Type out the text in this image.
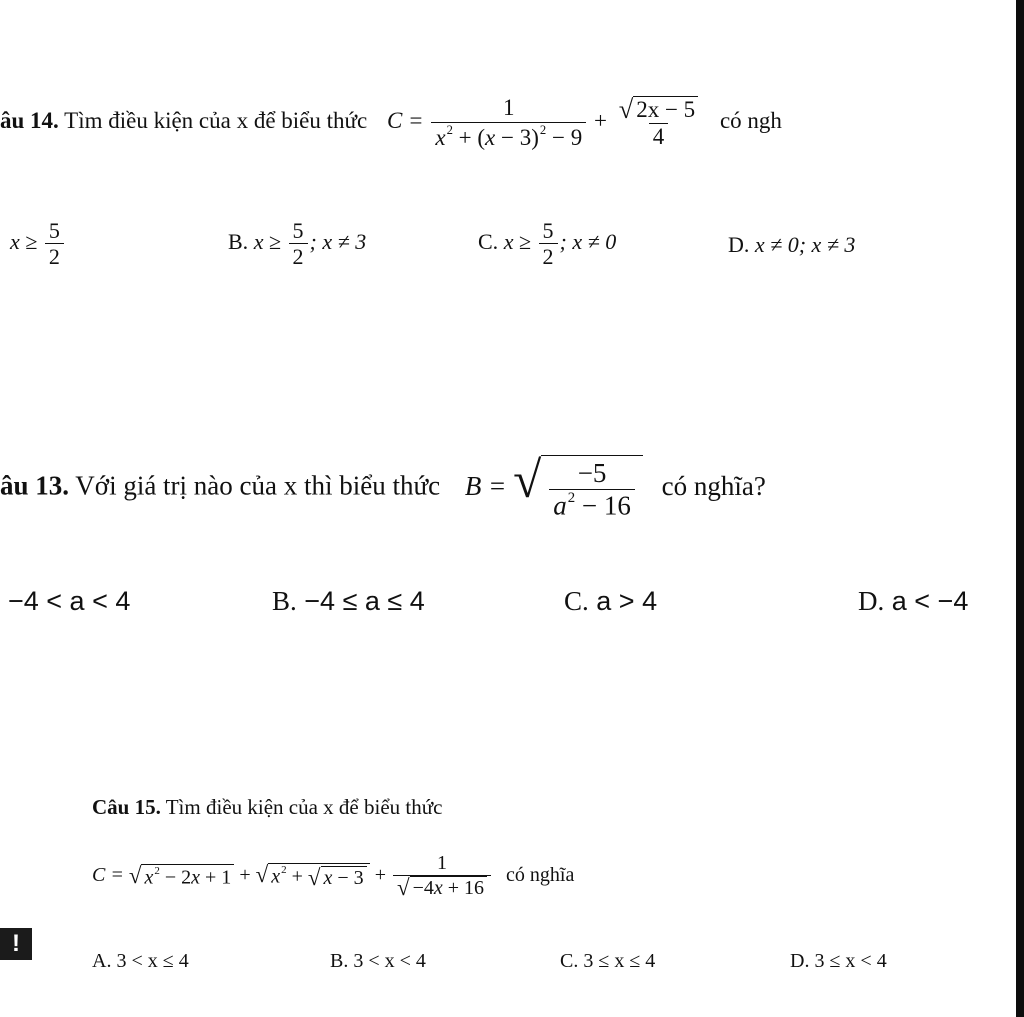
âu 14. Tìm điều kiện của x để biểu thức $C = \frac{1}{x^2 + (x - 3)^2 - 9} + \frac{√ 2x - 5}{4}$ có ngh
$x \ge \frac{5}{2}$	B. $x \ge \frac{5}{2}$ ; x ≠ 3	C. $x \ge \frac{5}{2}$ ; x ≠ 0	D. x ≠ 0; x ≠ 3
âu 13. Với giá trị nào của x thì biểu thức B = √ $\frac{-5}{a^2 - 16}$ có nghĩa?
−4 < a < 4	B. −4 ≤ a ≤ 4	C. a > 4	D. a < −4
Câu 15. Tìm điều kiện của x để biểu thức
C = √ $x^2 - 2x + 1$ + √ $x^2$ + √ $x - 3 + \frac{1}{√ -4x + 16}$ có nghĩa
A. 3 < x ≤ 4	B. 3 < x < 4	C. 3 ≤ x ≤ 4	D. 3 ≤ x < 4
!
